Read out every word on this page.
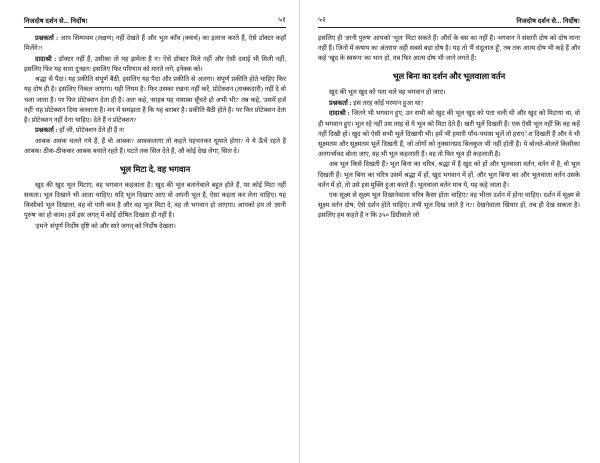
निजदोष दर्शन से... निर्दोष!	५१

प्रश्नकर्ता : आप सिम्पथम (लक्षण) नहीं देखते हैं और भूल काँव (क्वार्थ) का इलाज करते हैं, ऐसे डॉक्टर कहाँ मिलेंगे?!

दादाश्री : डॉक्टर नहीं हैं, उसीका तो यह झमेला है न? ऐसे डॉक्टर मिले नहीं और ऐसी दवाई भी मिली नहीं, इसलिए फिर यह सारा दुःखन! इसलिए फिर परिणाम को मारते लगे, इनेक्क को।

श्रद्धा से पैदा। यह प्रकीति संपूर्ण बैठी, इसलिए यह पैदा और प्रकीति से अलगा। संपूर्ण प्रकीति होते चाहिए फिर यह दोष ही है। इसलिए निकल जाएगा। यही नियम है। फिर उसका रखना नहीं करें, प्रोटेक्शन (ताक्कदारी) नहीं दे वो चला जाता है। पर फिर प्रोटेक्शन देता ही है। अतः कहे, 'साहब यह नासाबा सूँचते हो अभी भी?' तब कहे, 'उसमें हर्ज नहीं' यह प्रोटेक्शन दिया करवाता है। मन में समझता है कि यह बराबर है। प्रकीति बैठी होते है। पर फिर प्रोटेक्शन देता है। प्रोटेक्शन नहीं देना चाहिए। देते हैं न प्रोटेक्शन?

प्रश्नकर्ता : हाँ जी, प्रोटेक्शन देते ही हैं न!

आबक अवक चलते गये हैं, हैं वो आबक? आबकलागा तो कहते पहचनकर धूमाते होगा? ये ये ऊँचे रहते हैं आबक! ठीक-ठीककर आबक बचाते रहते हैं। घटते तक सिल देते हैं, औ कोई देख लेगा, सिल दे।

भूल मिटा दे, वह भगवान

खुद की खुद भूल मिटाए, वह भगवान कहलाता है। खुद की भूल बतानेवाले बहुत होते हैं, पर कोई मिटा नहीं सकता। भूल दिखाने भी आता चाहिए। यदि भूल दिखाए आए वो अपनी भूल है, ऐसा कहता कर लेना चाहिए। यह किसीको भूल दिखाना, वह वो पारी कम है और वह भूल मिटा दे, वह तो भगवान हो जाएगा। आपको हम तो 'ज्ञानी पुरुष' का हो काम। हमें इस जगत् में कोई दोषित दिखता ही नहीं है।

'हमने' संपूर्ण निर्दोष दृष्टि को और सारे जगत् को निर्दोष देखता।

५२	निजदोष दर्शन से... निर्दोष!

इसलिए ही 'ज्ञानी पुरुष' आपको 'भूल' मिटा सकते हैं! औरों के बस का नहीं है। भगवान ने संसारी दोष को दोष माना नहीं हैं। जिनों में कषाय का अंतराय' वही सबसे बड़ा दोष है। यह तो 'मैं चंदूलाल हूँ', तब तक आत्म दोष भी कहे हैं और कहे 'खुद के स्वरूप' का भान हो, तब फिर आत्म दोष भी जाने लगते हैं!

भूल बिना का दर्शन और भूलवाला वर्तन

खुद की भूल खुद को पता चले वह भगवान हो जाए।

प्रश्नकर्ता : इस तरह कोई परमान हुआ था?

दादाश्री : जितने भी भगवान हुए, उन सभी को खुद की भूल खुद को पता चली थी और खुद को मिटाया था, वो ही भगवान हुए। भूल रहे नहीं उस तरह से ये भूल को मिटा देते हैं। खरी भूलें दिखती हैं। एक ऐसी भूल नहीं कि वह कहें नहीं दिखी हो। खुद को ऐसी सभी भूलें दिखायी भी। हमें भी हमारी पाँच-पचास भूलें तो हराएेश दिखती हैं और वे भी सूक्ष्मतम और सूक्ष्मतम भूलें दिखती हैं, जो लोगों को नुक्सानप्रद बिलकुल भी नहीं होती हैं। ये बोलते-बोलते किसीका अनगर्भावद बोला जाए, वह भी भूल कहलाती हैं। वह तो फिर भूल ही कहलाती है।

अब भूल किसे दिखती हैं? भूल बिना का चरित्र, श्रद्धा में है खुद को हों और भूलवाला वर्तन, वर्तन में है, वो भूल दिखती हैं। भूल बिना का चरित्र उसमें श्रद्धा में हों, खुद भगवान में हों, और भूल बिना का और भूलवाला वर्तन उसके वर्तन में हो, तो उसे इस मुक्ति हुआ करते हैं। भूलवाला वर्तन मात्र ये, यह कहे जाता है।

एक सूक्ष्म से सूक्ष्म भूल दिखानेवाला चरित्र कैसा होता चाहिए? वह भीतर दर्शन में होना चाहिए। दर्शन में सूक्ष्म से सूक्ष्म वर्तन दोष, ऐसे दर्शन होते चाहिए। तभी भूल दिख जाते है न?! देखनेवाला खियार हो, तब ही देख सकता है। इसलिए हम कहते हैं न कि ३५० डिग्रीवाले जो
